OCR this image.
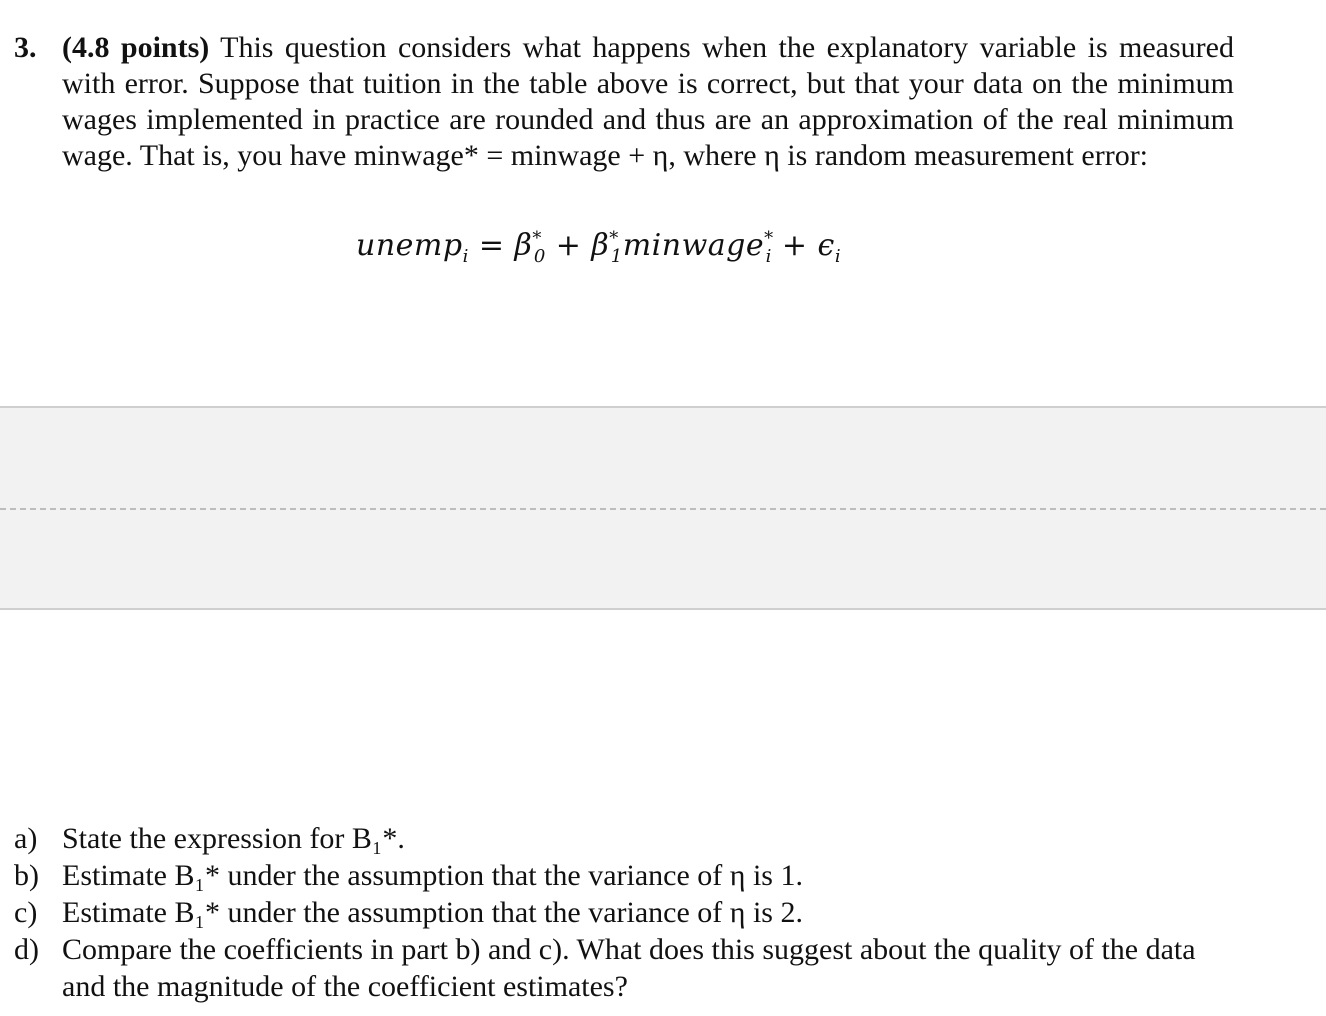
3. (4.8 points) This question considers what happens when the explanatory variable is measured with error. Suppose that tuition in the table above is correct, but that your data on the minimum wages implemented in practice are rounded and thus are an approximation of the real minimum wage. That is, you have minwage* = minwage + η, where η is random measurement error:
unemp$_i$ = $\beta^*_0$ + $\beta^*_1minwage^*_i + \epsilon_i$
a) State the expression for B₁*.
b) Estimate B₁* under the assumption that the variance of η is 1.
c) Estimate B₁* under the assumption that the variance of η is 2.
d) Compare the coefficients in part b) and c). What does this suggest about the quality of the data and the magnitude of the coefficient estimates?
